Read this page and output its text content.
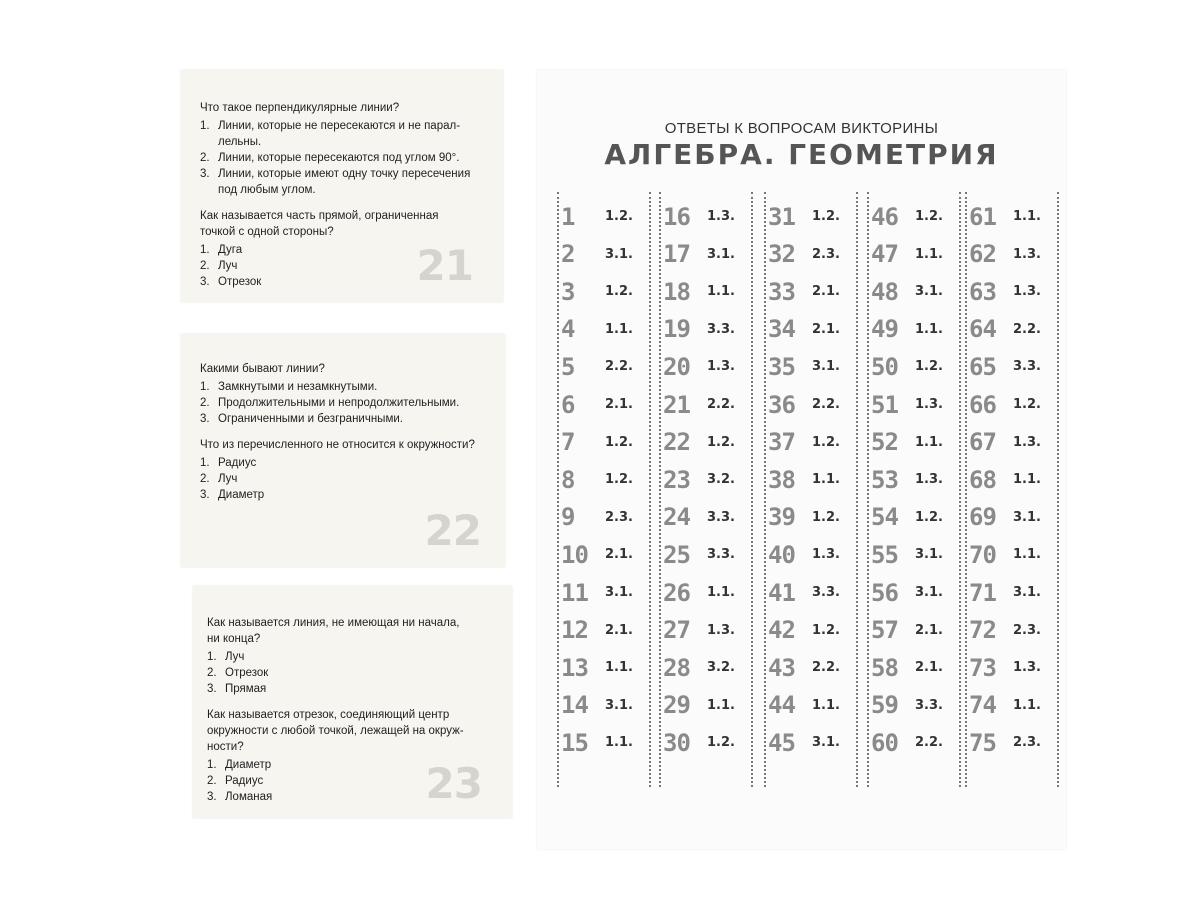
Что такое перпендикулярные линии?
1. Линии, которые не пересекаются и не парал-
лельны.
2. Линии, которые пересекаются под углом 90°.
3. Линии, которые имеют одну точку пересечения
под любым углом.
Как называется часть прямой, ограниченная
точкой с одной стороны?
1. Дуга
2. Луч
3. Отрезок	21
Какими бывают линии?
1. Замкнутыми и незамкнутыми.
2. Продолжительными и непродолжительными.
3. Ограниченными и безграничными.
Что из перечисленного не относится к окружности?
1. Радиус
2. Луч
3. Диаметр
22
Как называется линия, не имеющая ни начала,
ни конца?
1. Луч
2. Отрезок
3. Прямая
Как называется отрезок, соединяющий центр
окружности с любой точкой, лежащей на окруж-
ности?
1. Диаметр
2. Радиус
3. Ломаная	23
ОТВЕТЫ К ВОПРОСАМ ВИКТОРИНЫ
АЛГЕБРА. ГЕОМЕТРИЯ
1	1.2.
2	3.1.
3	1.2.
4	1.1.
5	2.2.
6	2.1.
7	1.2.
8	1.2.
9	2.3.
10	2.1.
11	3.1.
12	2.1.
13	1.1.
14	3.1.
15	1.1.
16	1.3.
17	3.1.
18	1.1.
19	3.3.
20	1.3.
21	2.2.
22	1.2.
23	3.2.
24	3.3.
25	3.3.
26	1.1.
27	1.3.
28	3.2.
29	1.1.
30	1.2.
31	1.2.
32	2.3.
33	2.1.
34	2.1.
35	3.1.
36	2.2.
37	1.2.
38	1.1.
39	1.2.
40	1.3.
41	3.3.
42	1.2.
43	2.2.
44	1.1.
45	3.1.
46	1.2.
47	1.1.
48	3.1.
49	1.1.
50	1.2.
51	1.3.
52	1.1.
53	1.3.
54	1.2.
55	3.1.
56	3.1.
57	2.1.
58	2.1.
59	3.3.
60	2.2.
61	1.1.
62	1.3.
63	1.3.
64	2.2.
65	3.3.
66	1.2.
67	1.3.
68	1.1.
69	3.1.
70	1.1.
71	3.1.
72	2.3.
73	1.3.
74	1.1.
75	2.3.
